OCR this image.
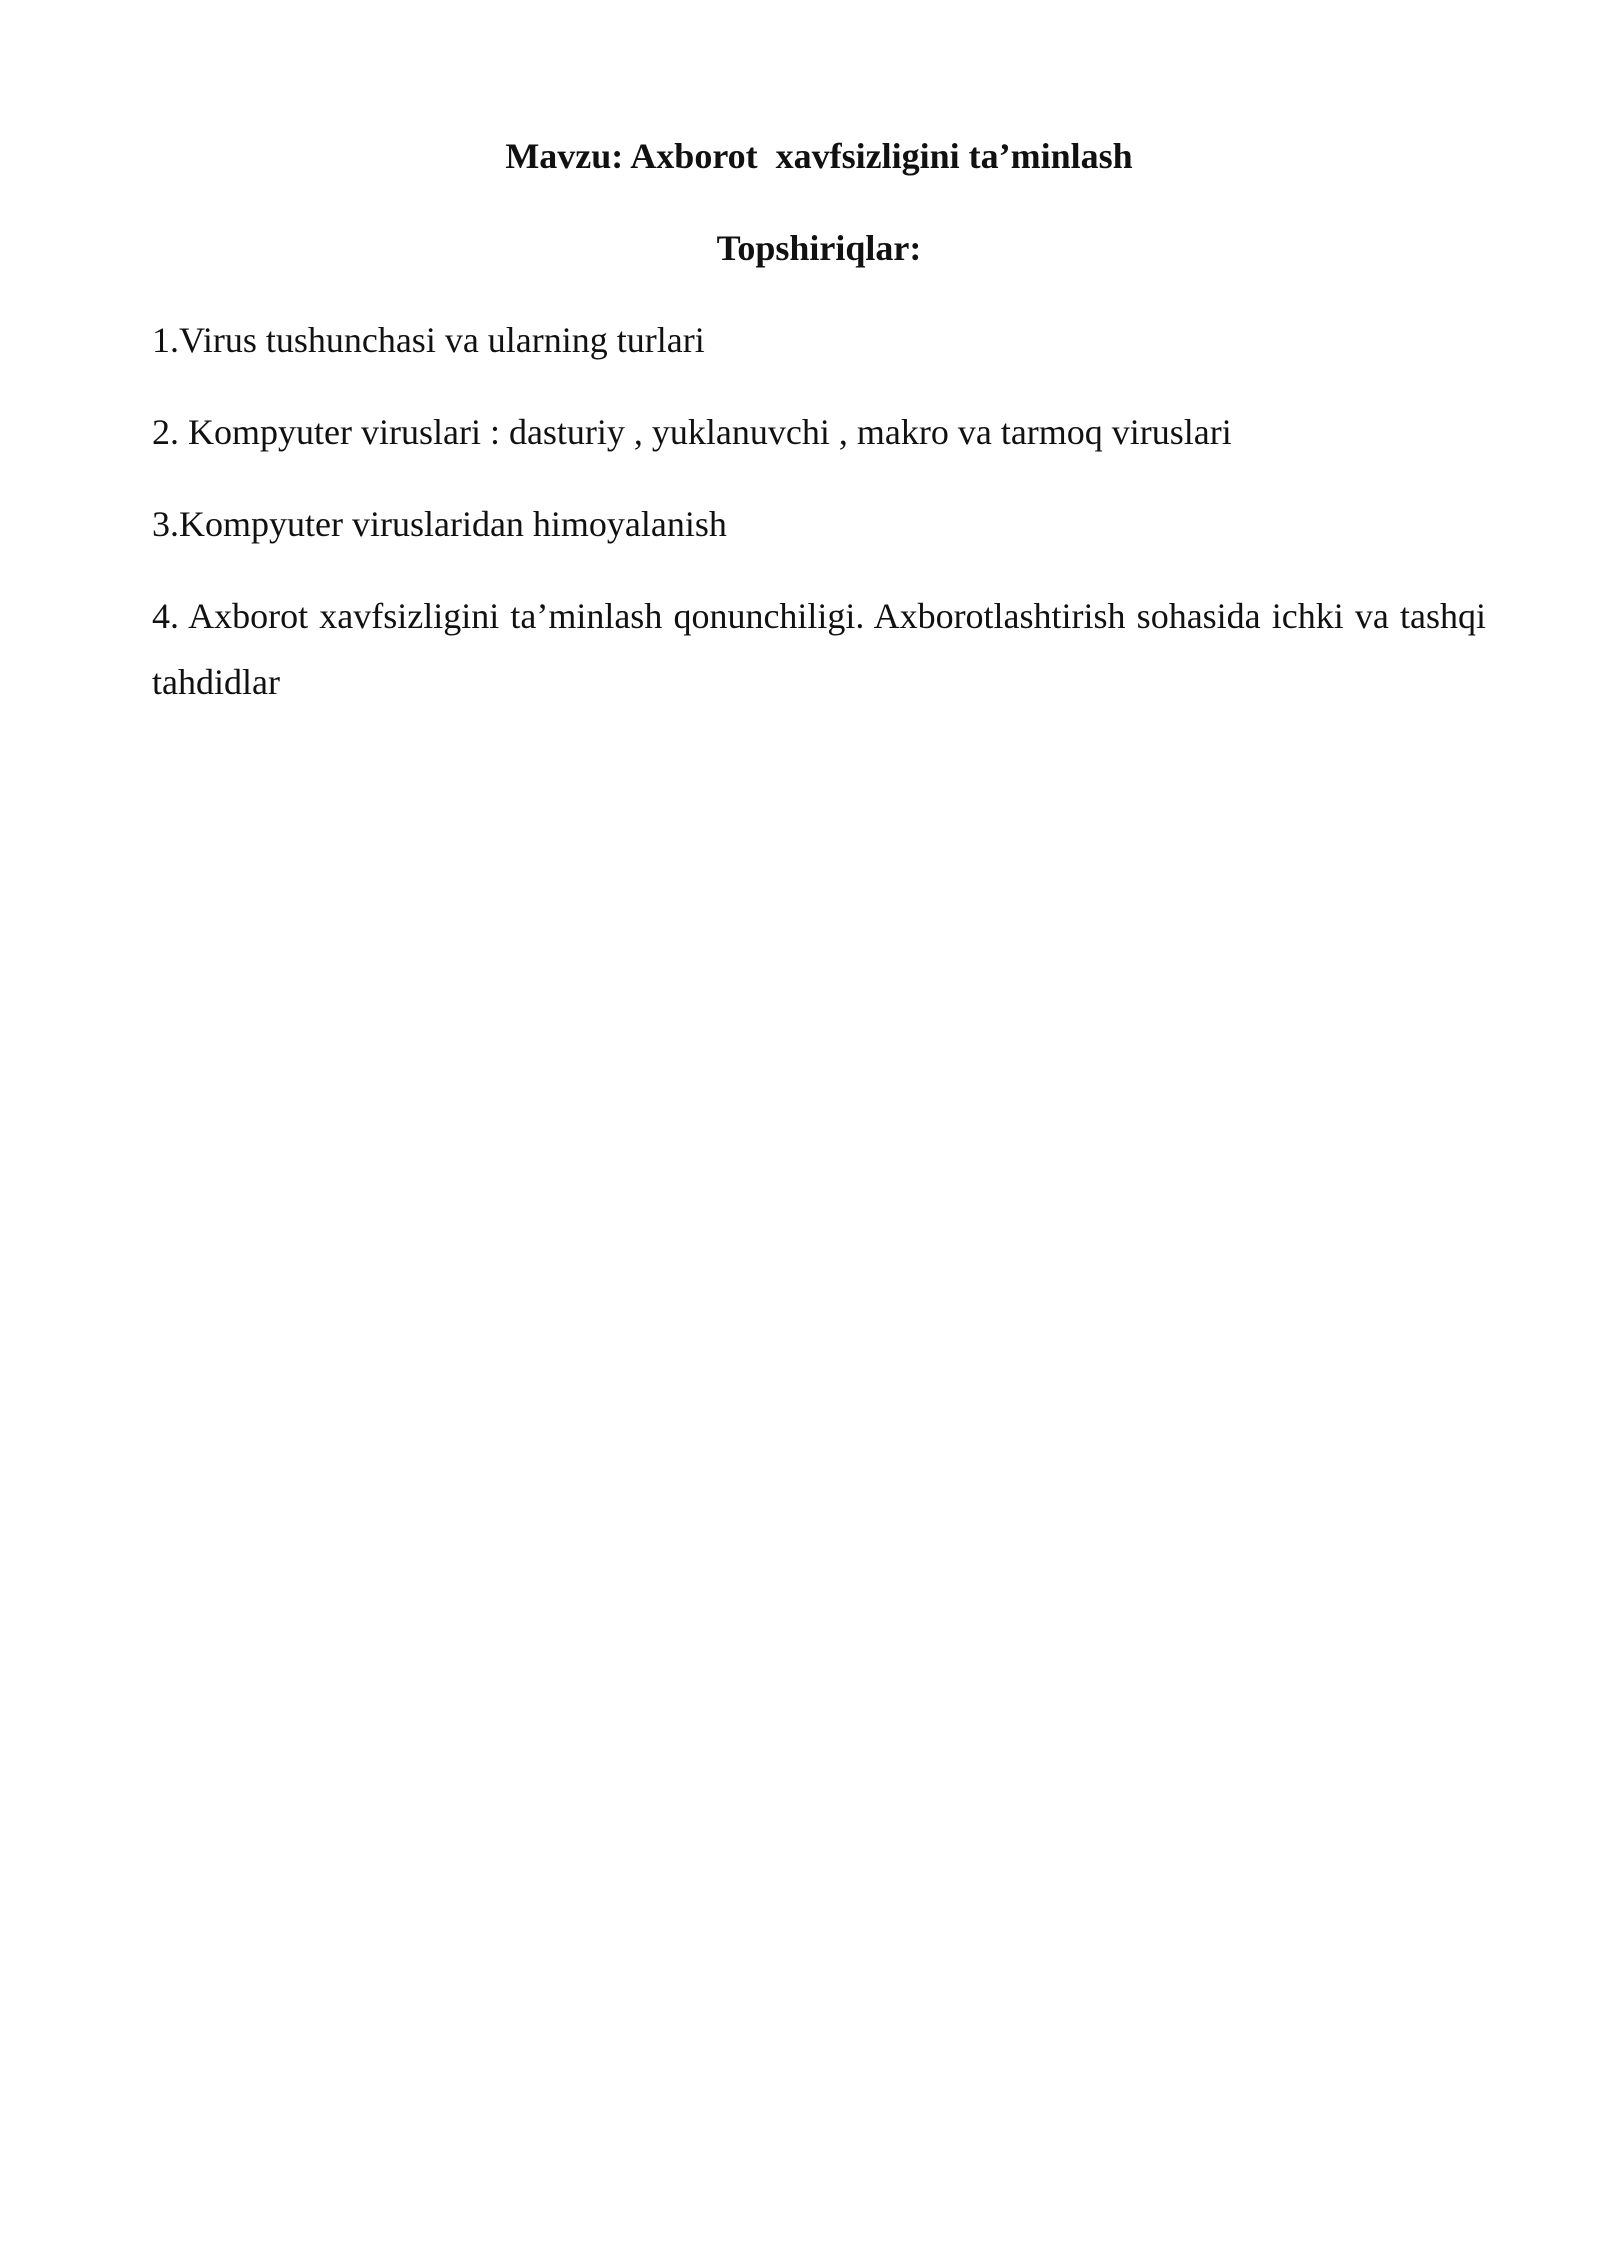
Mavzu: Axborot  xavfsizligini ta’minlash
Topshiriqlar:
1.Virus tushunchasi va ularning turlari
2. Kompyuter viruslari : dasturiy , yuklanuvchi , makro va tarmoq viruslari
3.Kompyuter viruslaridan himoyalanish
4. Axborot xavfsizligini ta’minlash qonunchiligi. Axborotlashtirish sohasida ichki va tashqi tahdidlar
